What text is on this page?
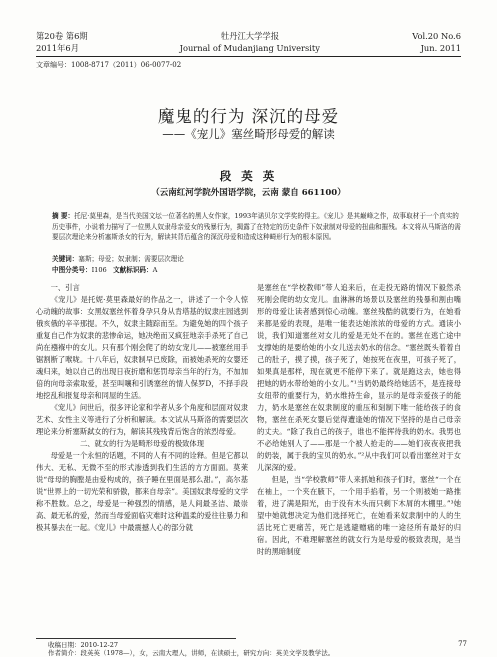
第20卷 第6期	牡丹江大学学报	Vol.20 No.6
2011年6月	Journal of Mudanjiang University	Jun. 2011
文章编号：1008-8717（2011）06-0077-02
魔鬼的行为 深沉的母爱
——《宠儿》塞丝畸形母爱的解读
段 英 英
（云南红河学院外国语学院，云南 蒙自 661100）
摘 要：托尼·莫里森，是当代美国文坛一位著名的黑人女作家，1993年诺贝尔文学奖的得主。《宠儿》是其巅峰之作，故事取材于一个真实的历史事件，小说着力描写了一位黑人奴隶母亲爱女的残暴行为，揭露了在特定的历史条件下奴隶制对母爱的扭曲和摧残。本文将从马斯洛的需要层次理论来分析塞斯杀女的行为，解读其背后蕴含的深沉母爱和造成这种畸形行为的根本原因。
关键词：塞斯；母爱；奴隶制；需要层次理论
中图分类号：I106 文献标识码：A
一、引言

《宠儿》是托妮·莫里森最好的作品之一，讲述了一个令人惊心动魄的故事：女黑奴塞丝怀着身孕只身从肯塔基的奴隶庄园逃到俄亥俄的辛辛那提。不久，奴隶主随踪而至。为避免她的四个孩子重复自己作为奴隶的悲惨命运，她决绝而又疯狂地亲手杀死了自己尚在襁褓中的女儿。只有那个刚会爬了的幼女宠儿——被塞丝用手锯割断了喉咙。十八年后，奴隶制早已废除，而被她杀死的女婴还魂归来，她以自己的出现日夜折磨和惩罚母亲当年的行为，不加加倍的向母亲索取爱，甚至叫嚷和引诱塞丝的情人保罗D，不择手段地挖乱和报复母亲和同屋的生活。

《宠儿》问世后，很多评论家和学者从多个角度和层面对奴隶艺术、女性主义等进行了分析和解读。本文试从马斯洛的需要层次理论来分析塞斯弑女的行为，解读其残残背后饱含的浓烈母爱。

二、就女的行为是畸形母爱的极致体现

母爱是一个永恒的话题，不同的人有不同的诠释。但是它都以伟大、无私、无微不至的形式渗透到我们生活的方方面面。莫莱说“母母的胸膛是由爱构成的，孩子睡在里面是那么甜。”，高尔基说“世界上的一切光荣和骄傲，都来自母亲”。美国奴隶母爱的文学称不胜数。总之，母爱是一种强烈的情感，是人间最圣洁、最崇高、最无私的爱，然而当母爱面临灾难时这种温柔的爱往往暴力和极其暴去在一起。《宠儿》中最震撼人心的部分就

是塞丝在“学校教师”带人追来后，在走投无路的情况下毅然杀死刚会爬的幼女宠儿。血淋淋的场景以及塞丝的残暴和割由嘴形的母爱让读者感到惊心动魄。塞丝残酷的就要行为，在她看来都是爱的表现，是唯一能表达她浓浓的母爱的方式。通读小说，我们知道塞丝对女儿的爱是无处不在的。塞丝在逃亡途中支撑她的是要给她的小女儿送去奶水的信念。“塞丝既头着着自己的肚子，摸了摸，孩子死了，她按死在夜里，可孩子死了，如果真是那样，现在就更不能停下来了。就是跑这去，她也得把她的奶水带给她的小女儿。”¹当奶奶最终给她活不，是连接母女纽带的重要行为，奶水维持生命，显示的是母亲爱孩子的能力，奶水是塞丝在奴隶制度的重压和刻制下唯一能给孩子的食物，塞丝在杀死女婴后觉得遭逢她的情况下坚持的是自己母亲的丈夫。“除了我自己的孩子，谁也不能挥待我的奶水。我男也不必给她别人了——那是一个被人抢走的——她们夜夜夜把我的奶装，属于我的宝贝的奶水。”²从中我们可以看出塞丝对于女儿深深的爱。

但是，当“学校教师”带人来抓她和孩子们时，塞丝“一个在在袖上，一个夹在腋下，一个用手掐着，另一个则被她一路推着，进了满是阳光，由于没有木头而只剩下木屑的木棚里。”³她望中她就想决定为他们选择死亡，在她看来奴隶制中的人的生活比死亡更痛苦，死亡是逃避赠痛的唯一途径所有最好的归宿。因此，不难理解塞丝的就女行为是母爱的极致表现，是当时的黑暗制度

收稿日期：2010-12-27
作者简介：段英英（1978—），女，云南大理人，讲师，在读硕士，研究方向：英美文学及教学法。
77
